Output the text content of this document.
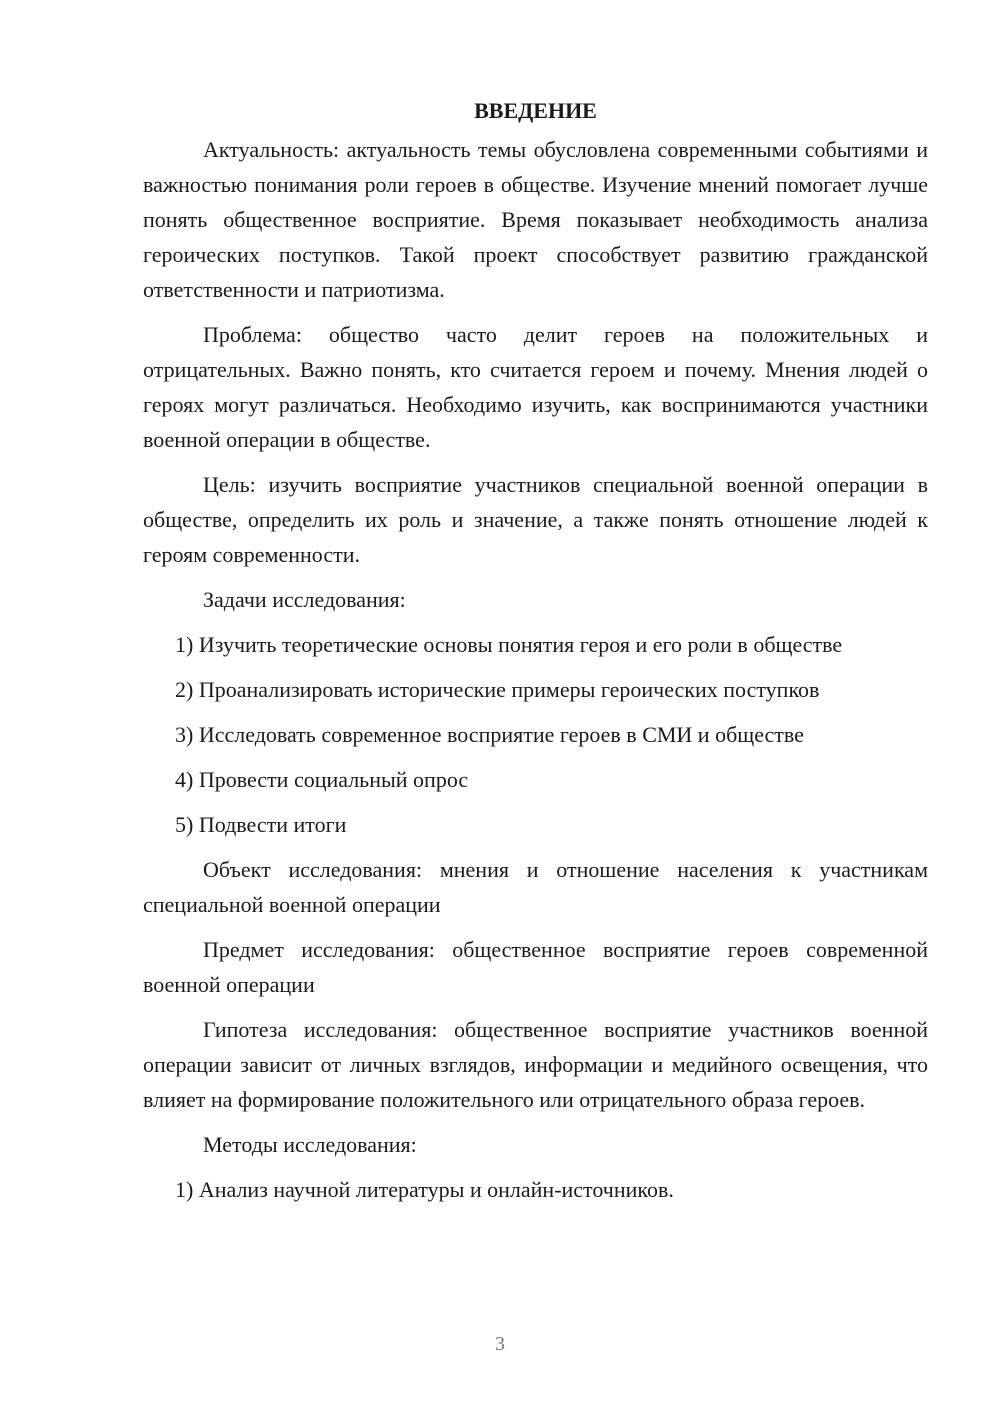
ВВЕДЕНИЕ

Актуальность: актуальность темы обусловлена современными событиями и важностью понимания роли героев в обществе. Изучение мнений помогает лучше понять общественное восприятие. Время показывает необходимость анализа героических поступков. Такой проект способствует развитию гражданской ответственности и патриотизма.

Проблема: общество часто делит героев на положительных и отрицательных. Важно понять, кто считается героем и почему. Мнения людей о героях могут различаться. Необходимо изучить, как воспринимаются участники военной операции в обществе.

Цель: изучить восприятие участников специальной военной операции в обществе, определить их роль и значение, а также понять отношение людей к героям современности.

Задачи исследования:

1) Изучить теоретические основы понятия героя и его роли в обществе
2) Проанализировать исторические примеры героических поступков
3) Исследовать современное восприятие героев в СМИ и обществе
4) Провести социальный опрос
5) Подвести итоги

Объект исследования: мнения и отношение населения к участникам специальной военной операции

Предмет исследования: общественное восприятие героев современной военной операции

Гипотеза исследования: общественное восприятие участников военной операции зависит от личных взглядов, информации и медийного освещения, что влияет на формирование положительного или отрицательного образа героев.

Методы исследования:

1) Анализ научной литературы и онлайн-источников.
3
